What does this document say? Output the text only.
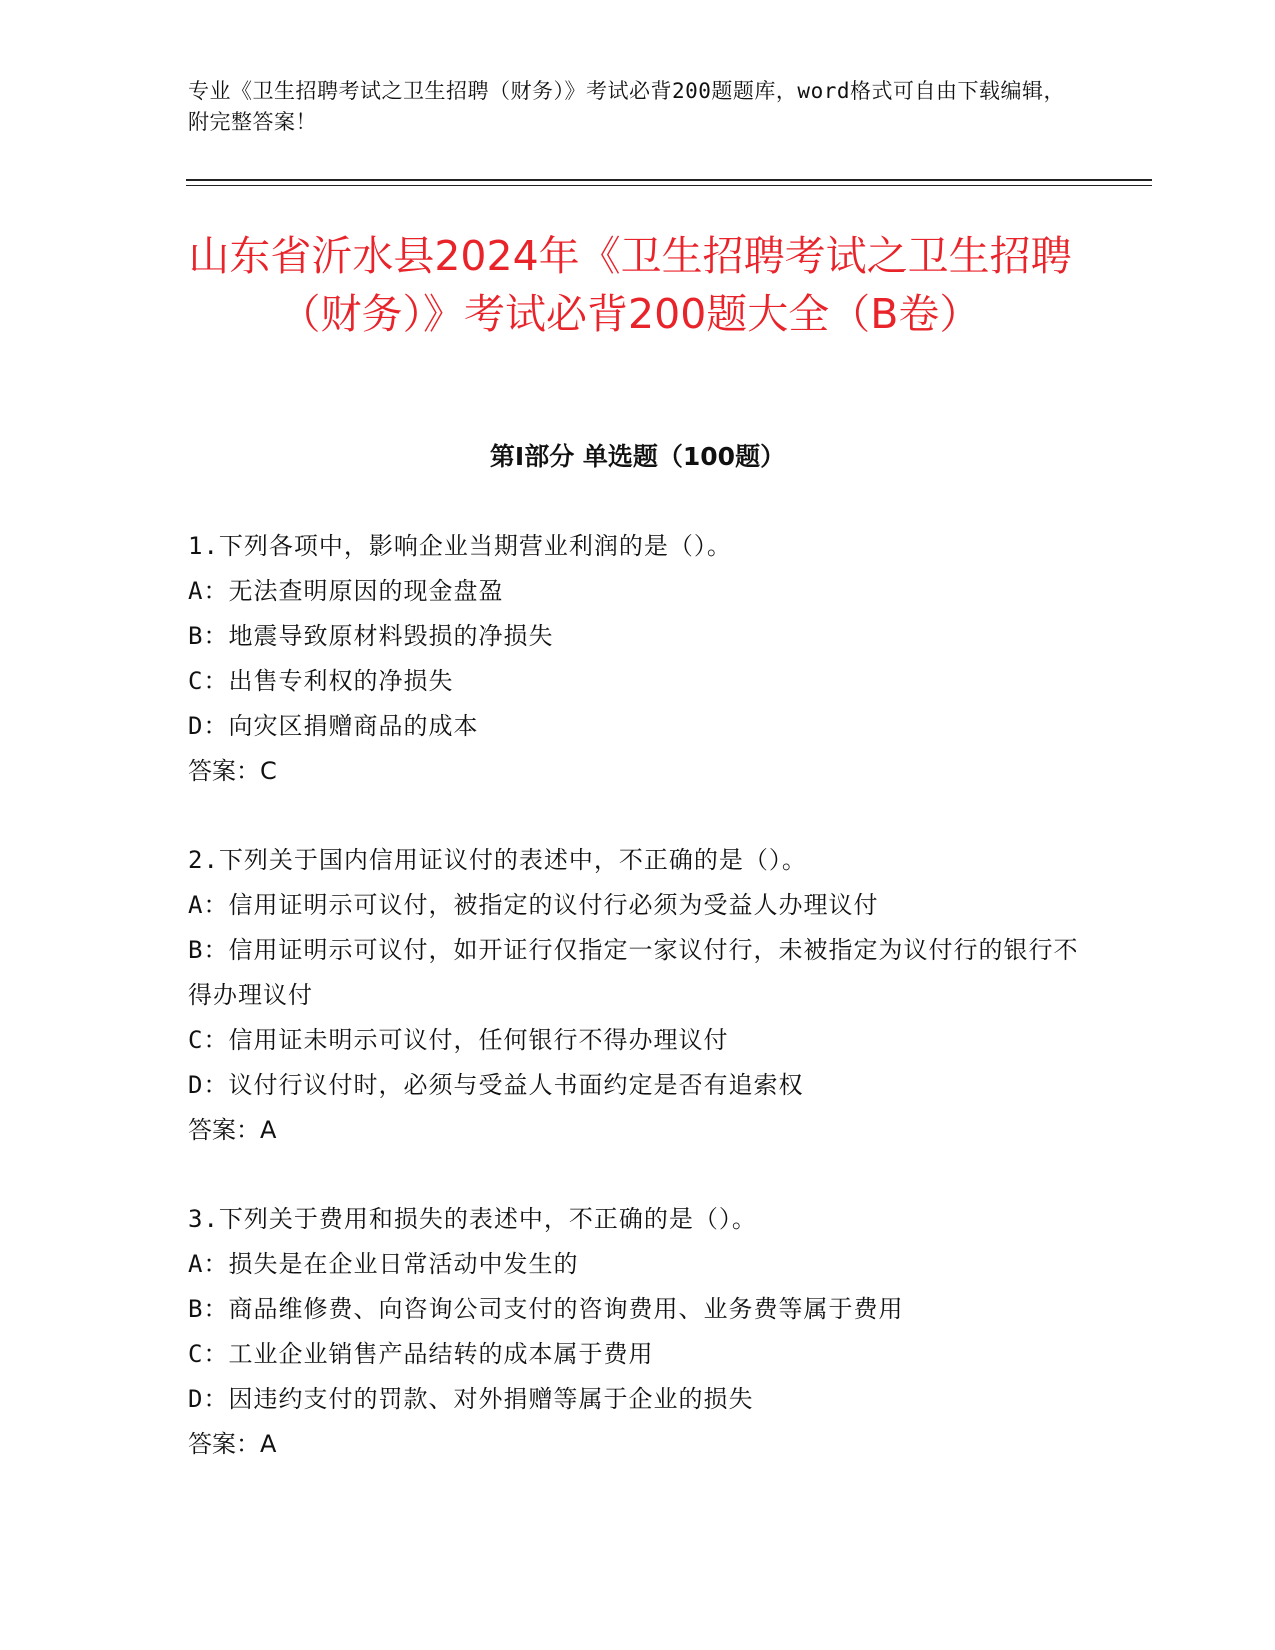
专业《卫生招聘考试之卫生招聘（财务）》考试必背200题题库，word格式可自由下载编辑，附完整答案！
山东省沂水县2024年《卫生招聘考试之卫生招聘（财务）》考试必背200题大全（B卷）
第Ⅰ部分 单选题（100题）
1.下列各项中，影响企业当期营业利润的是（）。
A：无法查明原因的现金盘盈
B：地震导致原材料毁损的净损失
C：出售专利权的净损失
D：向灾区捐赠商品的成本
答案：C
2.下列关于国内信用证议付的表述中，不正确的是（）。
A：信用证明示可议付，被指定的议付行必须为受益人办理议付
B：信用证明示可议付，如开证行仅指定一家议付行，未被指定为议付行的银行不得办理议付
C：信用证未明示可议付，任何银行不得办理议付
D：议付行议付时，必须与受益人书面约定是否有追索权
答案：A
3.下列关于费用和损失的表述中，不正确的是（）。
A：损失是在企业日常活动中发生的
B：商品维修费、向咨询公司支付的咨询费用、业务费等属于费用
C：工业企业销售产品结转的成本属于费用
D：因违约支付的罚款、对外捐赠等属于企业的损失
答案：A
